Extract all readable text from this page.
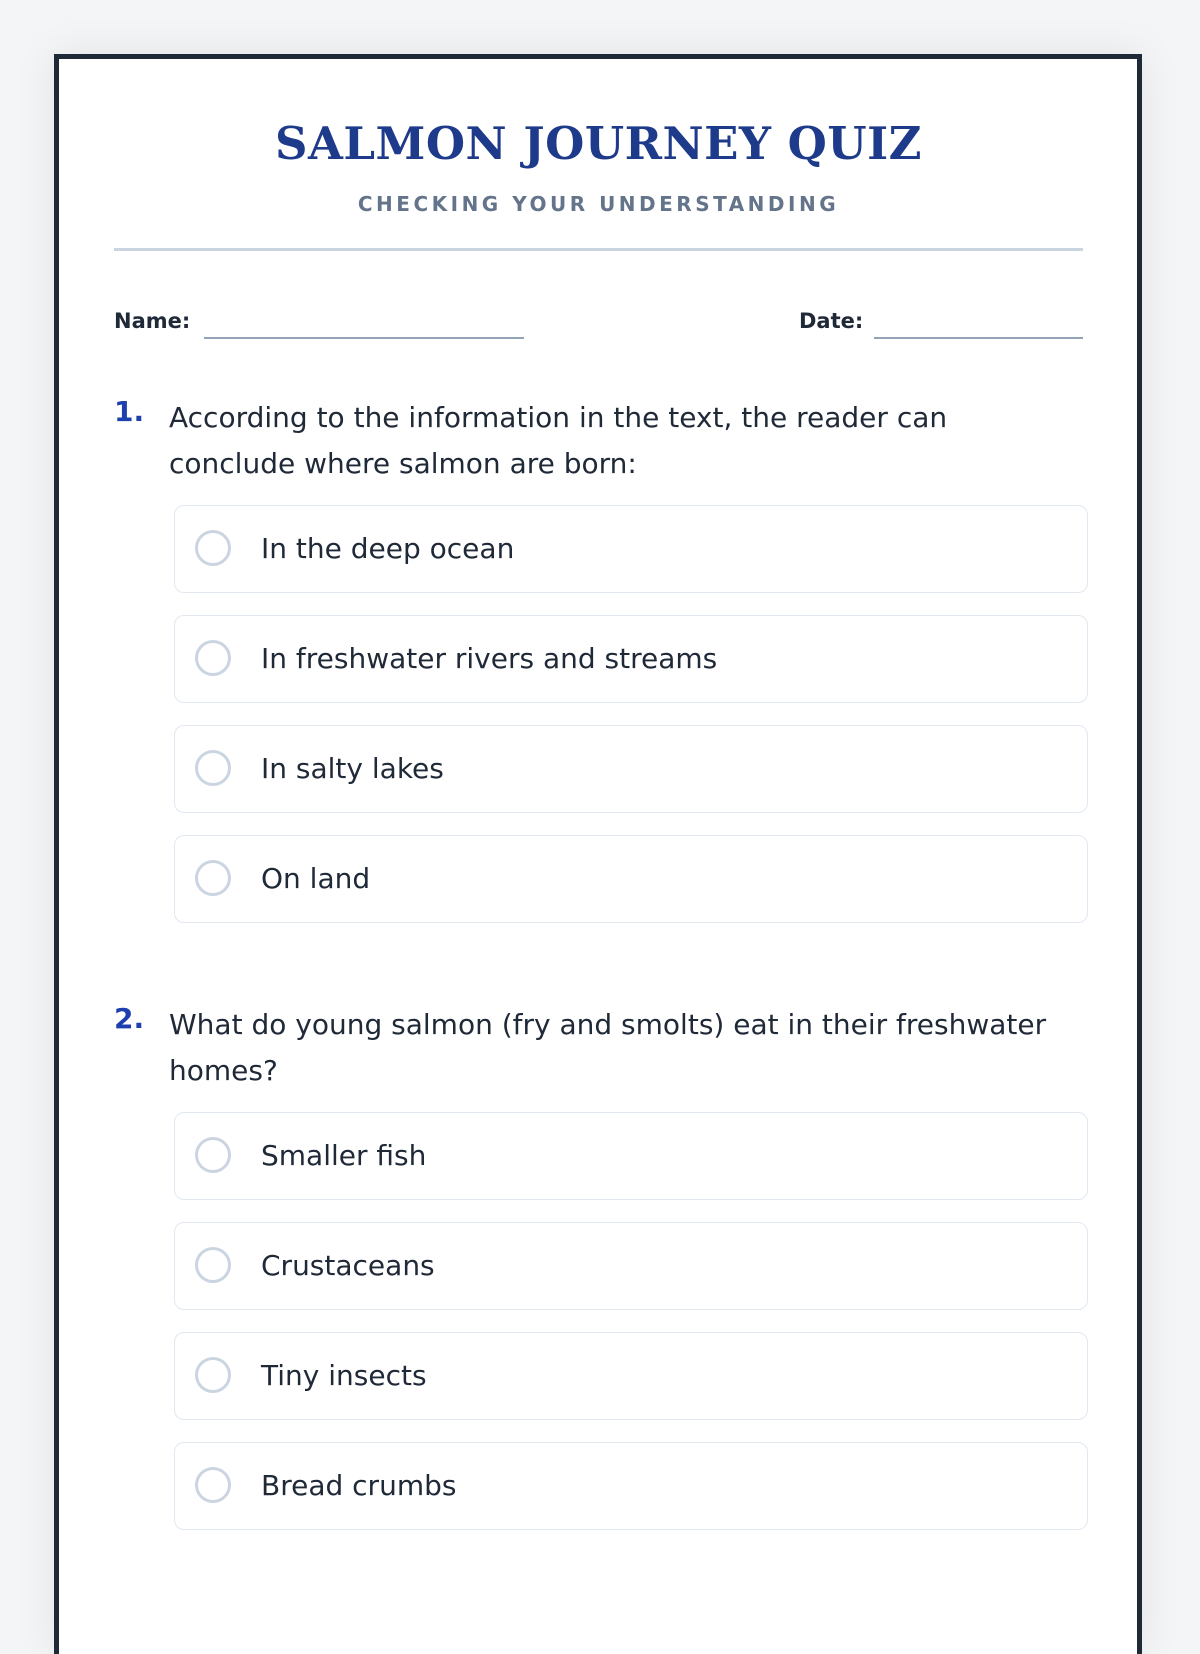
SALMON JOURNEY QUIZ
CHECKING YOUR UNDERSTANDING
Name:	Date:
1. According to the information in the text, the reader can conclude where salmon are born:
In the deep ocean
In freshwater rivers and streams
In salty lakes
On land
2. What do young salmon (fry and smolts) eat in their freshwater homes?
Smaller fish
Crustaceans
Tiny insects
Bread crumbs
